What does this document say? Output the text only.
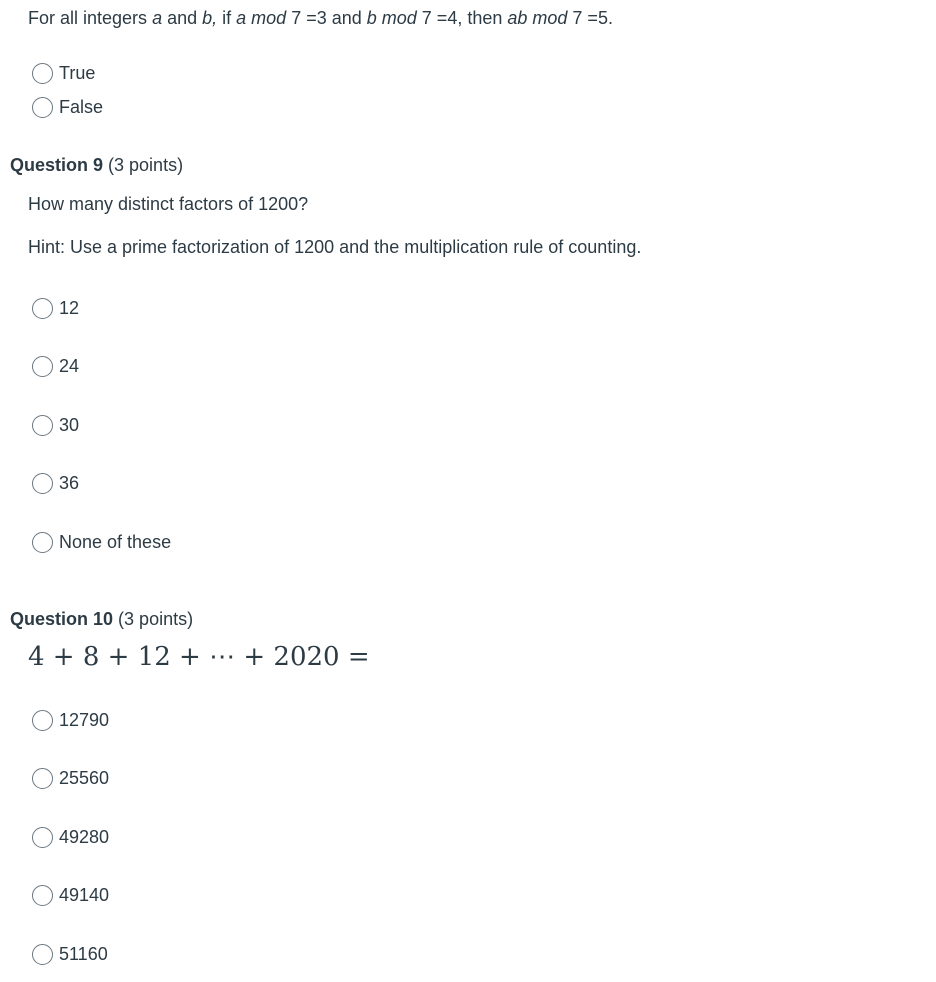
For all integers a and b, if a mod 7 =3 and b mod 7 =4, then ab mod 7 =5.
True
False
Question 9 (3 points)
How many distinct factors of 1200?
Hint: Use a prime factorization of 1200 and the multiplication rule of counting.
12
24
30
36
None of these
Question 10 (3 points)
4 + 8 + 12 + ⋯ + 2020 =
12790
25560
49280
49140
51160
